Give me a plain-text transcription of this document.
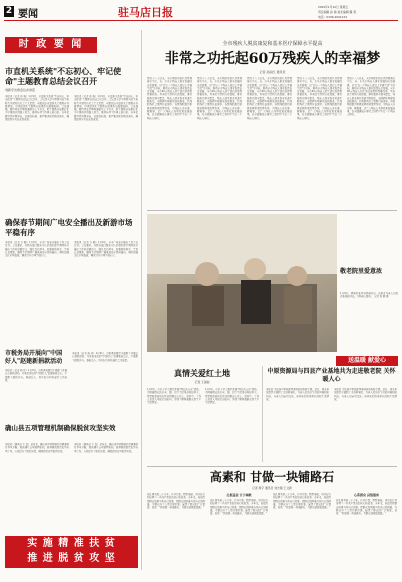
2 要闻	驻马店日报	2020年1月10日 星期五
责任编辑 孙 梅 美术编辑 魏 莉
电话：0396-2601234
时 政 要 闻
市直机关系统"不忘初心、牢记使命"主题教育总结会议召开
刘新宇出席会议并讲话
本报讯（记者 孙 梅）1月9日，市直机关系统"不忘初心、牢记使命"主题教育总结会议召开。会议深入学习贯彻习近平新时代中国特色社会主义思想，全面总结市直机关主题教育开展情况，对巩固深化主题教育成果作出部署安排。会议强调，要持续在学懂弄通做实上下功夫，把主题教育成果转化为干事创业的强大动力，推动各项工作再上新台阶。各单位要坚持问题导向，以更高标准、更严要求抓好整改落实，确保取得实实在在的成效。
本报讯（记者 孙 梅）1月9日，市直机关系统"不忘初心、牢记使命"主题教育总结会议召开。会议深入学习贯彻习近平新时代中国特色社会主义思想，全面总结市直机关主题教育开展情况，对巩固深化主题教育成果作出部署安排。会议强调，要持续在学懂弄通做实上下功夫，把主题教育成果转化为干事创业的强大动力，推动各项工作再上新台阶。各单位要坚持问题导向，以更高标准、更严要求抓好整改落实，确保取得实实在在的成效。
确保春节期间广电安全播出及新游市场平稳有序
本报讯（记者 李 鹏）1月9日，全市广电安全播出工作会议召开。会议要求，各级各部门要充分认识做好春节期间安全播出工作的重要意义，强化责任担当，加强值班值守，完善应急预案，确保节日期间广播电视安全优质播出。同时加强文化市场监管，确保节日市场平稳有序。
本报讯（记者 李 鹏）1月9日，全市广电安全播出工作会议召开。会议要求，各级各部门要充分认识做好春节期间安全播出工作的重要意义，强化责任担当，加强值班值守，完善应急预案，确保节日期间广播电视安全优质播出。同时加强文化市场监管，确保节日市场平稳有序。
市税务局开展向"中国好人"赵建新捐款活动
本报讯（记者 杨 伟）1月9日，市税务局组织干部职工开展爱心捐款活动，为身患重病的"中国好人"赵建新献爱心。干部职工踊跃参与，奉献爱心，用实际行动传递社会正能量。
本报讯（记者 杨 伟）1月9日，市税务局组织干部职工开展爱心捐款活动，为身患重病的"中国好人"赵建新献爱心。干部职工踊跃参与，奉献爱心，用实际行动传递社会正能量。
确山县五项管理机制确保脱贫攻坚实效
本报讯（通讯员 王 磊）近年来，确山县坚持精准扶贫精准脱贫基本方略，创新建立五项管理机制，统筹推进脱贫攻坚各项工作，有效提升了脱贫质量，确保脱贫攻坚取得实效。
本报讯（通讯员 王 磊）近年来，确山县坚持精准扶贫精准脱贫基本方略，创新建立五项管理机制，统筹推进脱贫攻坚各项工作，有效提升了脱贫质量，确保脱贫攻坚取得实效。
实 施 精 准 扶 贫
推 进 脱 贫 攻 坚
全市残疾人脱贫康复和基本医疗保障水平提高
非常之功托起60万残疾人的幸福梦
记者 孙丽红 通讯员
党的十八大以来，全市残联系统认真贯彻落实中央、省、市关于残疾人事业发展的决策部署，以"让每一个残疾人都过上幸福生活"为目标，推动全市残疾人事业取得长足发展。全市60万残疾人的生活状况得到显著改善，基本民生得到有效保障，康复服务实现全覆盖，残疾人就业创业渠道不断拓宽，无障碍环境建设加快推进，扶残助残社会氛围日益浓厚。各级残联组织积极发挥桥梁纽带作用，为残疾人办实事、解难事，让广大残疾人共享改革发展成果，在全面建成小康社会进程中不让一个残疾人掉队。
党的十八大以来，全市残联系统认真贯彻落实中央、省、市关于残疾人事业发展的决策部署，以"让每一个残疾人都过上幸福生活"为目标，推动全市残疾人事业取得长足发展。全市60万残疾人的生活状况得到显著改善，基本民生得到有效保障，康复服务实现全覆盖，残疾人就业创业渠道不断拓宽，无障碍环境建设加快推进，扶残助残社会氛围日益浓厚。各级残联组织积极发挥桥梁纽带作用，为残疾人办实事、解难事，让广大残疾人共享改革发展成果，在全面建成小康社会进程中不让一个残疾人掉队。
党的十八大以来，全市残联系统认真贯彻落实中央、省、市关于残疾人事业发展的决策部署，以"让每一个残疾人都过上幸福生活"为目标，推动全市残疾人事业取得长足发展。全市60万残疾人的生活状况得到显著改善，基本民生得到有效保障，康复服务实现全覆盖，残疾人就业创业渠道不断拓宽，无障碍环境建设加快推进，扶残助残社会氛围日益浓厚。各级残联组织积极发挥桥梁纽带作用，为残疾人办实事、解难事，让广大残疾人共享改革发展成果，在全面建成小康社会进程中不让一个残疾人掉队。
党的十八大以来，全市残联系统认真贯彻落实中央、省、市关于残疾人事业发展的决策部署，以"让每一个残疾人都过上幸福生活"为目标，推动全市残疾人事业取得长足发展。全市60万残疾人的生活状况得到显著改善，基本民生得到有效保障，康复服务实现全覆盖，残疾人就业创业渠道不断拓宽，无障碍环境建设加快推进，扶残助残社会氛围日益浓厚。各级残联组织积极发挥桥梁纽带作用，为残疾人办实事、解难事，让广大残疾人共享改革发展成果，在全面建成小康社会进程中不让一个残疾人掉队。
党的十八大以来，全市残联系统认真贯彻落实中央、省、市关于残疾人事业发展的决策部署，以"让每一个残疾人都过上幸福生活"为目标，推动全市残疾人事业取得长足发展。全市60万残疾人的生活状况得到显著改善，基本民生得到有效保障，康复服务实现全覆盖，残疾人就业创业渠道不断拓宽，无障碍环境建设加快推进，扶残助残社会氛围日益浓厚。各级残联组织积极发挥桥梁纽带作用，为残疾人办实事、解难事，让广大残疾人共享改革发展成果，在全面建成小康社会进程中不让一个残疾人掉队。
敬老院里爱意浓
1月9日，驿城区老河乡敬老院内，志愿者为老人们送去新春慰问品，并陪老人聊天。 记者 张 鹏 摄
送温暖 献爱心
真情关爱红土地
记者 王丽丽
1月9日，市红十字会组织开展"博爱送万家"活动，为困难群众送去米、面、油等生活用品和慰问金，把党和政府的关怀送到群众心坎上。活动中，工作人员深入基层走访慰问，详细了解困难群众的生产生活情况。
1月9日，市红十字会组织开展"博爱送万家"活动，为困难群众送去米、面、油等生活用品和慰问金，把党和政府的关怀送到群众心坎上。活动中，工作人员深入基层走访慰问，详细了解困难群众的生产生活情况。
中原资源局与四县产业基地共为走进敬老院 关怀暖人心
本报讯 为弘扬中华民族尊老敬老的传统美德，近日，相关单位组织干部职工走进敬老院，为老人们送去节日的问候和慰问品，与老人们亲切交谈，询问他们的身体状况和生活情况。
本报讯 为弘扬中华民族尊老敬老的传统美德，近日，相关单位组织干部职工走进敬老院，为老人们送去节日的问候和慰问品，与老人们亲切交谈，询问他们的身体状况和生活情况。
高素和 甘做一块铺路石
记者 周宇 通讯员 刘志刚 王文新
他扎根基层三十余年，任劳任怨，默默奉献，用实际行动诠释了一名共产党员的初心和使命。多年来，他始终把群众的事当作自己的事，把群众的困难当作自己的困难，为群众办了大量实事好事，赢得了群众的广泛赞誉。他说："我愿做一块铺路石，为群众铺就致富路。"
扎根基层 甘于奉献
他扎根基层三十余年，任劳任怨，默默奉献，用实际行动诠释了一名共产党员的初心和使命。多年来，他始终把群众的事当作自己的事，把群众的困难当作自己的困难，为群众办了大量实事好事，赢得了群众的广泛赞誉。他说："我愿做一块铺路石，为群众铺就致富路。"
他扎根基层三十余年，任劳任怨，默默奉献，用实际行动诠释了一名共产党员的初心和使命。多年来，他始终把群众的事当作自己的事，把群众的困难当作自己的困难，为群众办了大量实事好事，赢得了群众的广泛赞誉。他说："我愿做一块铺路石，为群众铺就致富路。"
心系群众 真情服务
他扎根基层三十余年，任劳任怨，默默奉献，用实际行动诠释了一名共产党员的初心和使命。多年来，他始终把群众的事当作自己的事，把群众的困难当作自己的困难，为群众办了大量实事好事，赢得了群众的广泛赞誉。他说："我愿做一块铺路石，为群众铺就致富路。"
